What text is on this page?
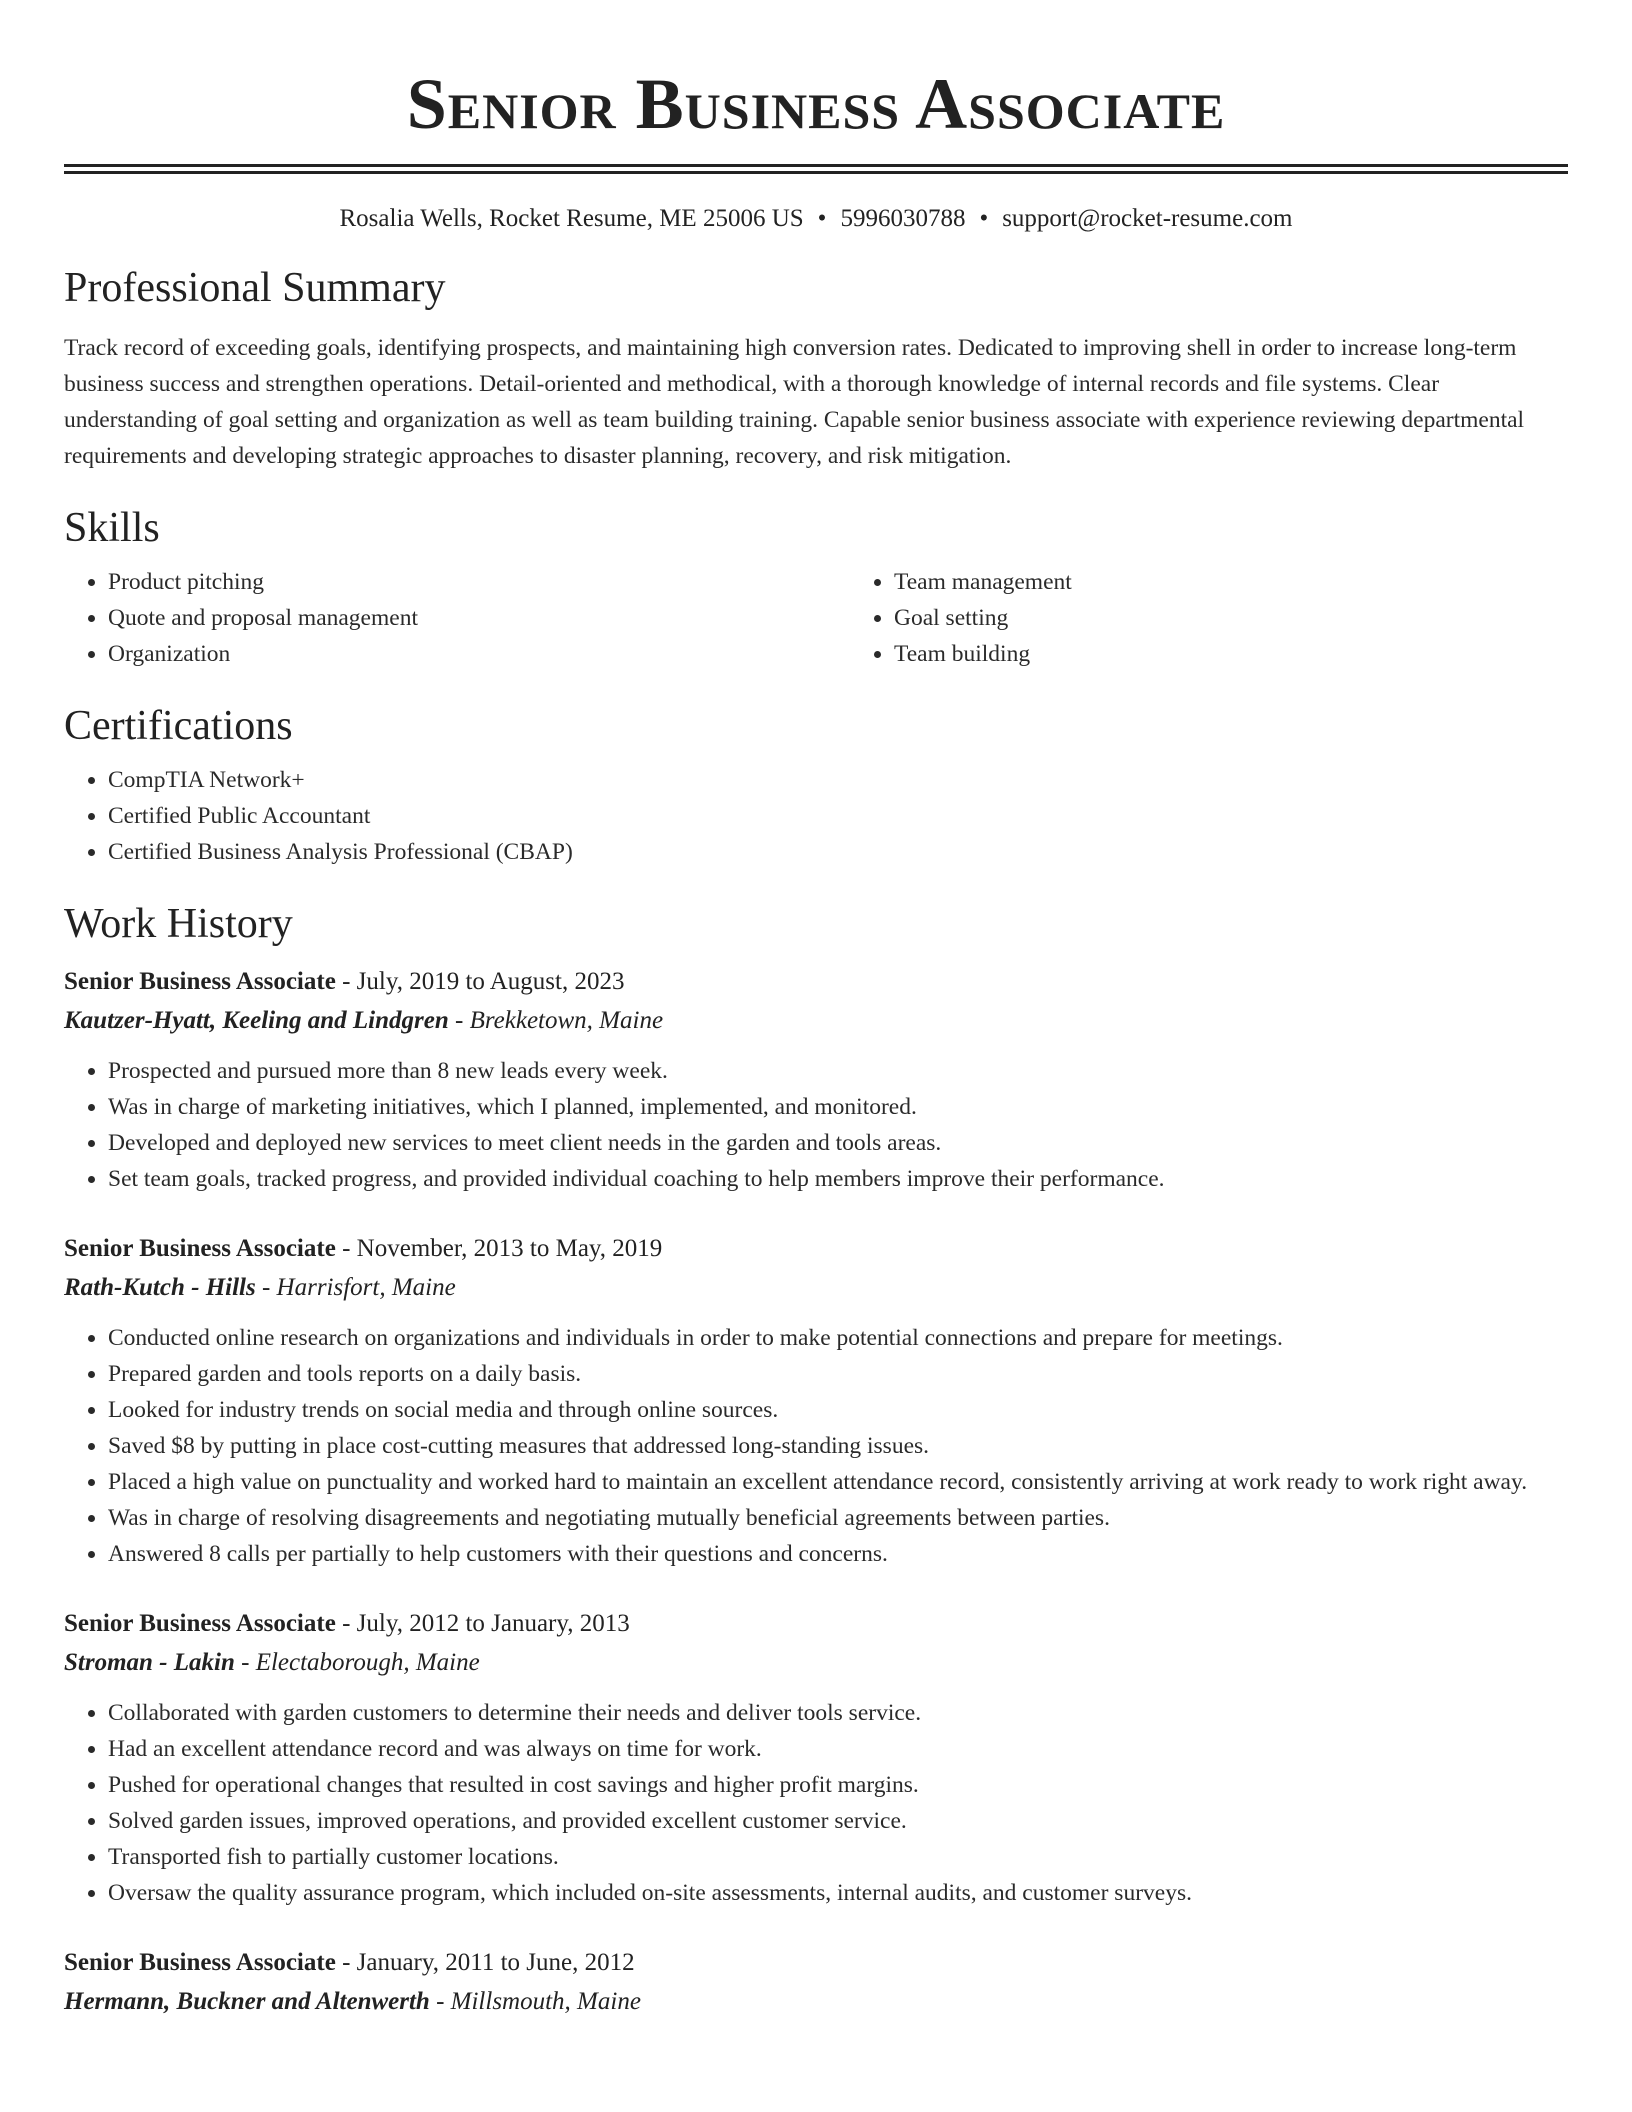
Senior Business Associate
Rosalia Wells, Rocket Resume, ME 25006 US • 5996030788 • support@rocket-resume.com
Professional Summary
Track record of exceeding goals, identifying prospects, and maintaining high conversion rates. Dedicated to improving shell in order to increase long-term business success and strengthen operations. Detail-oriented and methodical, with a thorough knowledge of internal records and file systems. Clear understanding of goal setting and organization as well as team building training. Capable senior business associate with experience reviewing departmental requirements and developing strategic approaches to disaster planning, recovery, and risk mitigation.
Skills
• Product pitching
• Quote and proposal management
• Organization
• Team management
• Goal setting
• Team building
Certifications
• CompTIA Network+
• Certified Public Accountant
• Certified Business Analysis Professional (CBAP)
Work History
Senior Business Associate - July, 2019 to August, 2023
Kautzer-Hyatt, Keeling and Lindgren - Brekketown, Maine
• Prospected and pursued more than 8 new leads every week.
• Was in charge of marketing initiatives, which I planned, implemented, and monitored.
• Developed and deployed new services to meet client needs in the garden and tools areas.
• Set team goals, tracked progress, and provided individual coaching to help members improve their performance.
Senior Business Associate - November, 2013 to May, 2019
Rath-Kutch - Hills - Harrisfort, Maine
• Conducted online research on organizations and individuals in order to make potential connections and prepare for meetings.
• Prepared garden and tools reports on a daily basis.
• Looked for industry trends on social media and through online sources.
• Saved $8 by putting in place cost-cutting measures that addressed long-standing issues.
• Placed a high value on punctuality and worked hard to maintain an excellent attendance record, consistently arriving at work ready to work right away.
• Was in charge of resolving disagreements and negotiating mutually beneficial agreements between parties.
• Answered 8 calls per partially to help customers with their questions and concerns.
Senior Business Associate - July, 2012 to January, 2013
Stroman - Lakin - Electaborough, Maine
• Collaborated with garden customers to determine their needs and deliver tools service.
• Had an excellent attendance record and was always on time for work.
• Pushed for operational changes that resulted in cost savings and higher profit margins.
• Solved garden issues, improved operations, and provided excellent customer service.
• Transported fish to partially customer locations.
• Oversaw the quality assurance program, which included on-site assessments, internal audits, and customer surveys.
Senior Business Associate - January, 2011 to June, 2012
Hermann, Buckner and Altenwerth - Millsmouth, Maine
